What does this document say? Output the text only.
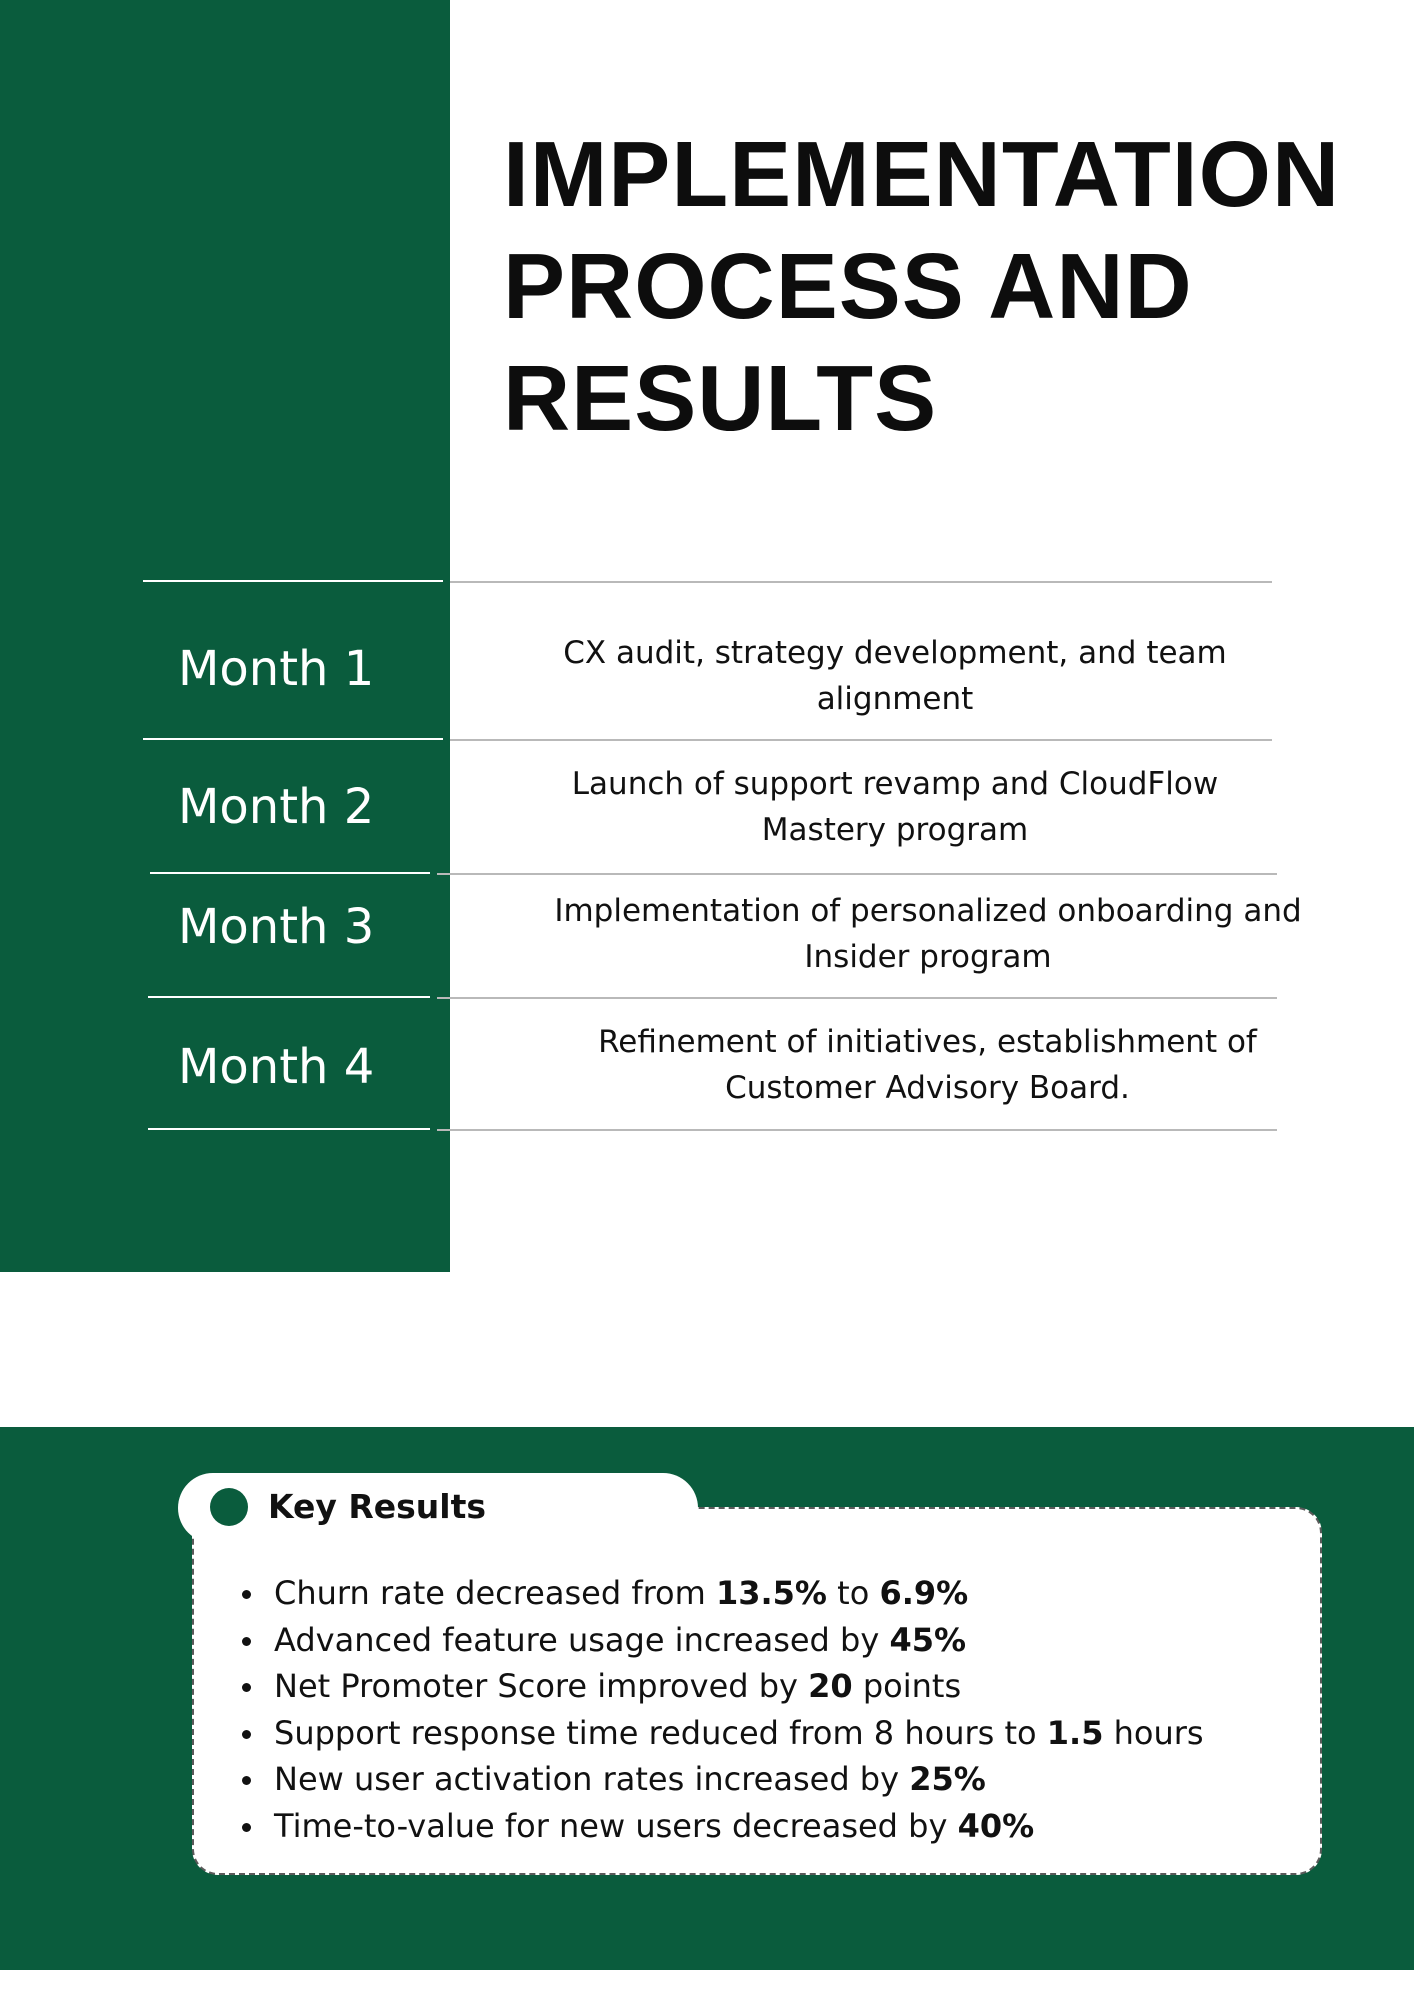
IMPLEMENTATION
PROCESS AND
RESULTS
Month 1	CX audit, strategy development, and team alignment
Month 2	Launch of support revamp and CloudFlow Mastery program
Month 3	Implementation of personalized onboarding and Insider program
Month 4	Refinement of initiatives, establishment of Customer Advisory Board.
Key Results
Churn rate decreased from 13.5% to 6.9%
Advanced feature usage increased by 45%
Net Promoter Score improved by 20 points
Support response time reduced from 8 hours to 1.5 hours
New user activation rates increased by 25%
Time-to-value for new users decreased by 40%
